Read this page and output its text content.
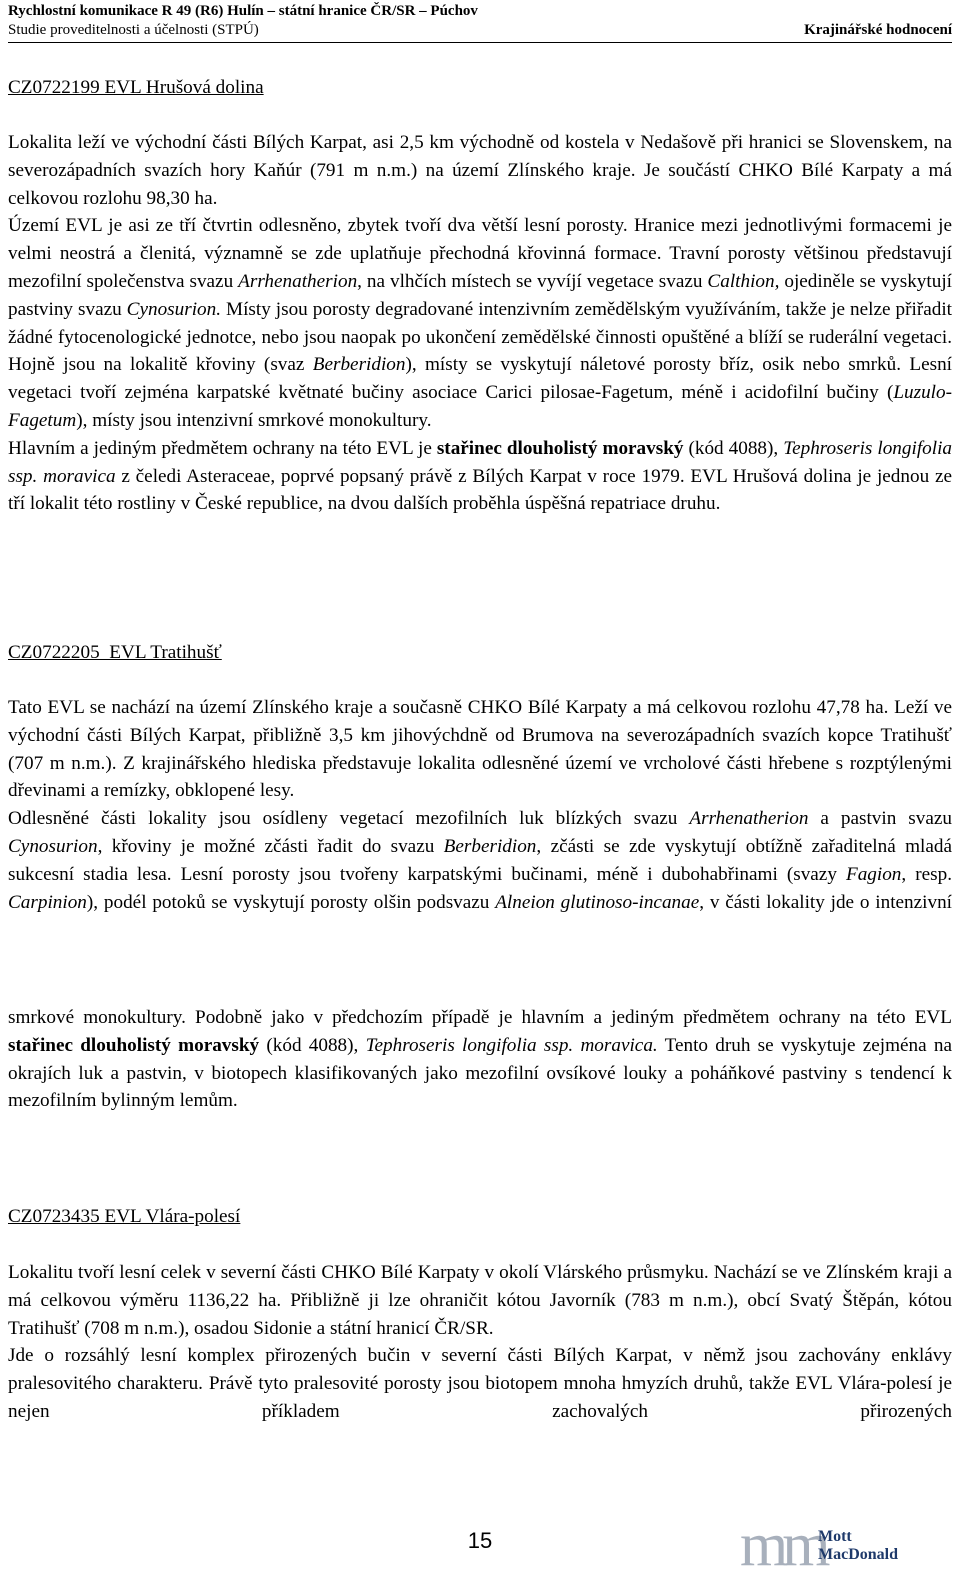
Rychlostní komunikace R 49 (R6) Hulín – státní hranice ČR/SR – Púchov
Studie proveditelnosti a účelnosti (STPÚ)	Krajinářské hodnocení
CZ0722199 EVL Hrušová dolina

Lokalita leží ve východní části Bílých Karpat, asi 2,5 km východně od kostela v Nedašově při hranici se Slovenskem, na severozápadních svazích hory Kaňúr (791 m n.m.) na území Zlínského kraje. Je součástí CHKO Bílé Karpaty a má celkovou rozlohu 98,30 ha.

Území EVL je asi ze tří čtvrtin odlesněno, zbytek tvoří dva větší lesní porosty. Hranice mezi jednotlivými formacemi je velmi neostrá a členitá, významně se zde uplatňuje přechodná křovinná formace. Travní porosty většinou představují mezofilní společenstva svazu Arrhenatherion, na vlhčích místech se vyvíjí vegetace svazu Calthion, ojediněle se vyskytují pastviny svazu Cynosurion. Místy jsou porosty degradované intenzivním zemědělským využíváním, takže je nelze přiřadit žádné fytocenologické jednotce, nebo jsou naopak po ukončení zemědělské činnosti opuštěné a blíží se ruderální vegetaci. Hojně jsou na lokalitě křoviny (svaz Berberidion), místy se vyskytují náletové porosty bříz, osik nebo smrků. Lesní vegetaci tvoří zejména karpatské květnaté bučiny asociace Carici pilosae-Fagetum, méně i acidofilní bučiny (Luzulo-Fagetum), místy jsou intenzivní smrkové monokultury.

Hlavním a jediným předmětem ochrany na této EVL je stařinec dlouholistý moravský (kód 4088), Tephroseris longifolia ssp. moravica z čeledi Asteraceae, poprvé popsaný právě z Bílých Karpat v roce 1979. EVL Hrušová dolina je jednou ze tří lokalit této rostliny v České republice, na dvou dalších proběhla úspěšná repatriace druhu.

CZ0722205  EVL Tratihušť

Tato EVL se nachází na území Zlínského kraje a současně CHKO Bílé Karpaty a má celkovou rozlohu 47,78 ha. Leží ve východní části Bílých Karpat, přibližně 3,5 km jihovýchdně od Brumova na severozápadních svazích kopce Tratihušť (707 m n.m.). Z krajinářského hlediska představuje lokalita odlesněné území ve vrcholové části hřebene s rozptýlenými dřevinami a remízky, obklopené lesy.

Odlesněné části lokality jsou osídleny vegetací mezofilních luk blízkých svazu Arrhenatherion a pastvin svazu Cynosurion, křoviny je možné zčásti řadit do svazu Berberidion, zčásti se zde vyskytují obtížně zařaditelná mladá sukcesní stadia lesa. Lesní porosty jsou tvořeny karpatskými bučinami, méně i dubohabřinami (svazy Fagion, resp. Carpinion), podél potoků se vyskytují porosty olšin podsvazu Alneion glutinoso-incanae, v části lokality jde o intenzivní

smrkové monokultury. Podobně jako v předchozím případě je hlavním a jediným předmětem ochrany na této EVL stařinec dlouholistý moravský (kód 4088), Tephroseris longifolia ssp. moravica. Tento druh se vyskytuje zejména na okrajích luk a pastvin, v biotopech klasifikovaných jako mezofilní ovsíkové louky a poháňkové pastviny s tendencí k mezofilním bylinným lemům.

CZ0723435 EVL Vlára-polesí

Lokalitu tvoří lesní celek v severní části CHKO Bílé Karpaty v okolí Vlárského průsmyku. Nachází se ve Zlínském kraji a má celkovou výměru 1136,22 ha. Přibližně ji lze ohraničit kótou Javorník (783 m n.m.), obcí Svatý Štěpán, kótou Tratihušť (708 m n.m.), osadou Sidonie a státní hranicí ČR/SR.

Jde o rozsáhlý lesní komplex přirozených bučin v severní části Bílých Karpat, v němž jsou zachovány enklávy pralesovitého charakteru. Právě tyto pralesovité porosty jsou biotopem mnoha hmyzích druhů, takže EVL Vlára-polesí je nejen příkladem zachovalých přirozených

15	mm
Mott
MacDonald
